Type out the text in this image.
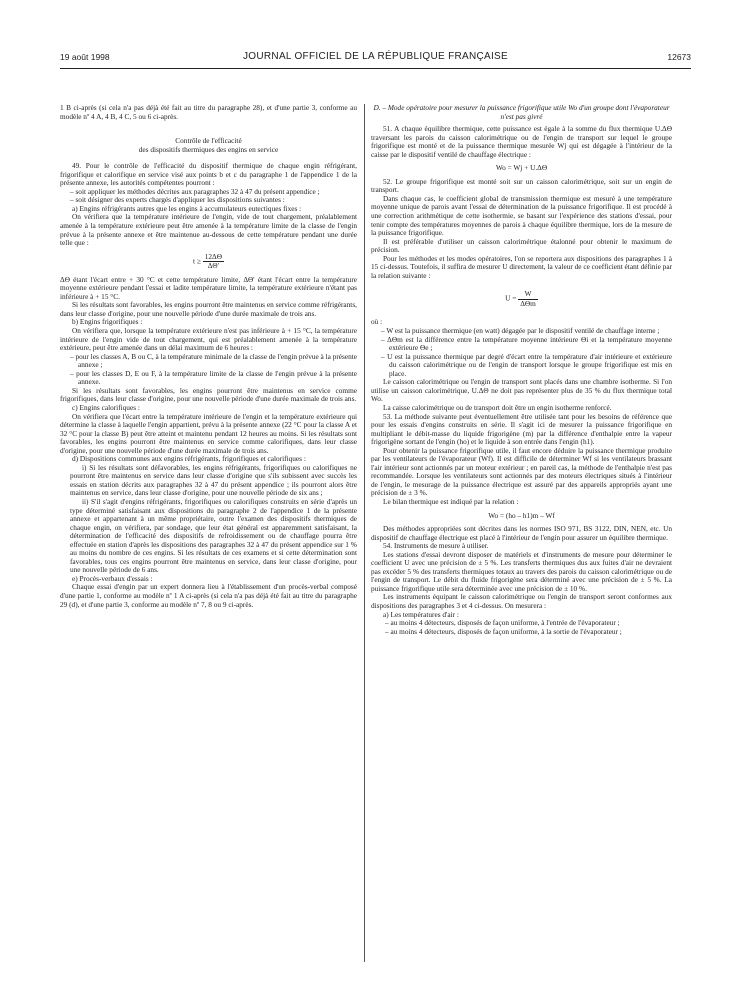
19 août 1998	JOURNAL OFFICIEL DE LA RÉPUBLIQUE FRANÇAISE	12673

1 B ci-après (si cela n'a pas déjà été fait au titre du paragraphe 28), et d'une partie 3, conforme au modèle nº 4 A, 4 B, 4 C, 5 ou 6 ci-après.

Contrôle de l'efficacité

des dispositifs thermiques des engins en service

49. Pour le contrôle de l'efficacité du dispositif thermique de chaque engin réfrigérant, frigorifique et calorifique en service visé aux points b et c du paragraphe 1 de l'appendice 1 de la présente annexe, les autorités compétentes pourront :

– soit appliquer les méthodes décrites aux paragraphes 32 à 47 du présent appendice ;

– soit désigner des experts chargés d'appliquer les dispositions suivantes :

a) Engins réfrigérants autres que les engins à accumulateurs eutectiques fixes :

On vérifiera que la température intérieure de l'engin, vide de tout chargement, préalablement amenée à la température extérieure peut être amenée à la température limite de la classe de l'engin prévue à la présente annexe et être maintenue au-dessous de cette température pendant une durée telle que :

$t \ge \frac{12\Delta\Theta}{\Delta\Theta'}$

ΔΘ étant l'écart entre + 30 °C et cette température limite, ΔΘ' étant l'écart entre la température moyenne extérieure pendant l'essai et ladite température limite, la température extérieure n'étant pas inférieure à + 15 °C.

Si les résultats sont favorables, les engins pourront être maintenus en service comme réfrigérants, dans leur classe d'origine, pour une nouvelle période d'une durée maximale de trois ans.

b) Engins frigorifiques :

On vérifiera que, lorsque la température extérieure n'est pas inférieure à + 15 °C, la température intérieure de l'engin vide de tout chargement, qui est préalablement amenée à la température extérieure, peut être amenée dans un délai maximum de 6 heures :

– pour les classes A, B ou C, à la température minimale de la classe de l'engin prévue à la présente annexe ;

– pour les classes D, E ou F, à la température limite de la classe de l'engin prévue à la présente annexe.

Si les résultats sont favorables, les engins pourront être maintenus en service comme frigorifiques, dans leur classe d'origine, pour une nouvelle période d'une durée maximale de trois ans.

c) Engins calorifiques :

On vérifiera que l'écart entre la température intérieure de l'engin et la température extérieure qui détermine la classe à laquelle l'engin appartient, prévu à la présente annexe (22 °C pour la classe A et 32 °C pour la classe B) peut être atteint et maintenu pendant 12 heures au moins. Si les résultats sont favorables, les engins pourront être maintenus en service comme calorifiques, dans leur classe d'origine, pour une nouvelle période d'une durée maximale de trois ans.

d) Dispositions communes aux engins réfrigérants, frigorifiques et calorifiques :

i) Si les résultats sont défavorables, les engins réfrigérants, frigorifiques ou calorifiques ne pourront être maintenus en service dans leur classe d'origine que s'ils subissent avec succès les essais en station décrits aux paragraphes 32 à 47 du présent appendice ; ils pourront alors être maintenus en service, dans leur classe d'origine, pour une nouvelle période de six ans ;

ii) S'il s'agit d'engins réfrigérants, frigorifiques ou calorifiques construits en série d'après un type déterminé satisfaisant aux dispositions du paragraphe 2 de l'appendice 1 de la présente annexe et appartenant à un même propriétaire, outre l'examen des dispositifs thermiques de chaque engin, on vérifiera, par sondage, que leur état général est apparemment satisfaisant, la détermination de l'efficacité des dispositifs de refroidissement ou de chauffage pourra être effectuée en station d'après les dispositions des paragraphes 32 à 47 du présent appendice sur 1 % au moins du nombre de ces engins. Si les résultats de ces examens et si cette détermination sont favorables, tous ces engins pourront être maintenus en service, dans leur classe d'origine, pour une nouvelle période de 6 ans.

e) Procès-verbaux d'essais :

Chaque essai d'engin par un expert donnera lieu à l'établissement d'un procès-verbal composé d'une partie 1, conforme au modèle nº 1 A ci-après (si cela n'a pas déjà été fait au titre du paragraphe 29 (d), et d'une partie 3, conforme au modèle nº 7, 8 ou 9 ci-après.

D. – Mode opératoire pour mesurer la puissance frigorifique utile Wo d'un groupe dont l'évaporateur n'est pas givré

51. A chaque équilibre thermique, cette puissance est égale à la somme du flux thermique U.ΔΘ traversant les parois du caisson calorimétrique ou de l'engin de transport sur lequel le groupe frigorifique est monté et de la puissance thermique mesurée Wj qui est dégagée à l'intérieur de la caisse par le dispositif ventilé de chauffage électrique :

Wo = Wj + U.ΔΘ

52. Le groupe frigorifique est monté soit sur un caisson calorimétrique, soit sur un engin de transport.

Dans chaque cas, le coefficient global de transmission thermique est mesuré à une température moyenne unique de parois avant l'essai de détermination de la puissance frigorifique. Il est procédé à une correction arithmétique de cette isothermie, se basant sur l'expérience des stations d'essai, pour tenir compte des températures moyennes de parois à chaque équilibre thermique, lors de la mesure de la puissance frigorifique.

Il est préférable d'utiliser un caisson calorimétrique étalonné pour obtenir le maximum de précision.

Pour les méthodes et les modes opératoires, l'on se reportera aux dispositions des paragraphes 1 à 15 ci-dessus. Toutefois, il suffira de mesurer U directement, la valeur de ce coefficient étant définie par la relation suivante :

$U = \frac{W}{\text{ΔΘm}}$

où :

– W est la puissance thermique (en watt) dégagée par le dispositif ventilé de chauffage interne ;

– ΔΘm est la différence entre la température moyenne intérieure Θi et la température moyenne extérieure Θe ;

– U est la puissance thermique par degré d'écart entre la température d'air intérieure et extérieure du caisson calorimétrique ou de l'engin de transport lorsque le groupe frigorifique est mis en place.

Le caisson calorimétrique ou l'engin de transport sont placés dans une chambre isotherme. Si l'on utilise un caisson calorimétrique, U.ΔΘ ne doit pas représenter plus de 35 % du flux thermique total Wo.

La caisse calorimétrique ou de transport doit être un engin isotherme renforcé.

53. La méthode suivante peut éventuellement être utilisée tant pour les besoins de référence que pour les essais d'engins construits en série. Il s'agit ici de mesurer la puissance frigorifique en multipliant le débit-masse du liquide frigorigène (m) par la différence d'enthalpie entre la vapeur frigorigène sortant de l'engin (ho) et le liquide à son entrée dans l'engin (h1).

Pour obtenir la puissance frigorifique utile, il faut encore déduire la puissance thermique produite par les ventilateurs de l'évaporateur (Wf). Il est difficile de déterminer Wf si les ventilateurs brassant l'air intérieur sont actionnés par un moteur extérieur ; en pareil cas, la méthode de l'enthalpie n'est pas recommandée. Lorsque les ventilateurs sont actionnés par des moteurs électriques situés à l'intérieur de l'engin, le mesurage de la puissance électrique est assuré par des appareils appropriés ayant une précision de ± 3 %.

Le bilan thermique est indiqué par la relation :

Wo = (ho – h1)m – Wf

Des méthodes appropriées sont décrites dans les normes ISO 971, BS 3122, DIN, NEN, etc. Un dispositif de chauffage électrique est placé à l'intérieur de l'engin pour assurer un équilibre thermique.

54. Instruments de mesure à utiliser.

Les stations d'essai devront disposer de matériels et d'instruments de mesure pour déterminer le coefficient U avec une précision de ± 5 %. Les transferts thermiques dus aux fuites d'air ne devraient pas excéder 5 % des transferts thermiques totaux au travers des parois du caisson calorimétrique ou de l'engin de transport. Le débit du fluide frigorigène sera déterminé avec une précision de ± 5 %. La puissance frigorifique utile sera déterminée avec une précision de ± 10 %.

Les instruments équipant le caisson calorimétrique ou l'engin de transport seront conformes aux dispositions des paragraphes 3 et 4 ci-dessus. On mesurera :

a) Les températures d'air :

– au moins 4 détecteurs, disposés de façon uniforme, à l'entrée de l'évaporateur ;

– au moins 4 détecteurs, disposés de façon uniforme, à la sortie de l'évaporateur ;
